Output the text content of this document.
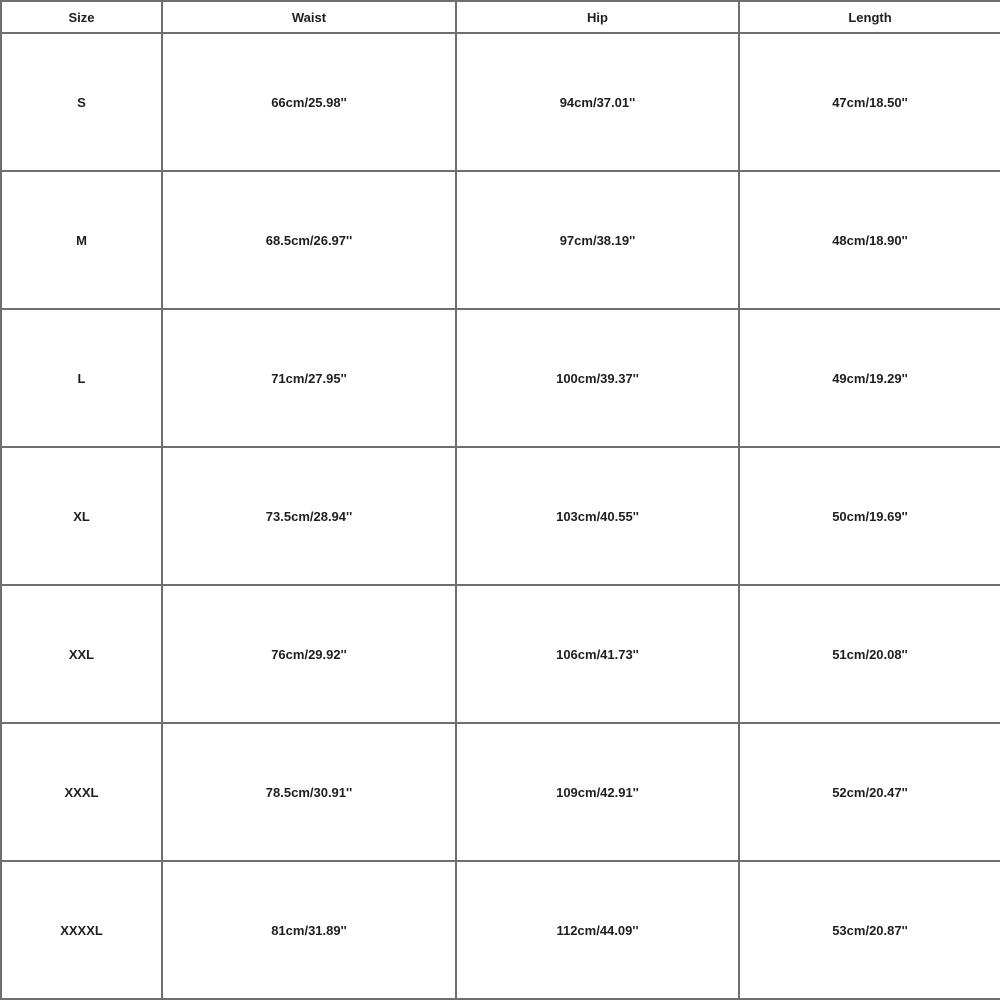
Size	Waist	Hip	Length
S	66cm/25.98''	94cm/37.01''	47cm/18.50''
M	68.5cm/26.97''	97cm/38.19''	48cm/18.90''
L	71cm/27.95''	100cm/39.37''	49cm/19.29''
XL	73.5cm/28.94''	103cm/40.55''	50cm/19.69''
XXL	76cm/29.92''	106cm/41.73''	51cm/20.08''
XXXL	78.5cm/30.91''	109cm/42.91''	52cm/20.47''
XXXXL	81cm/31.89''	112cm/44.09''	53cm/20.87''
